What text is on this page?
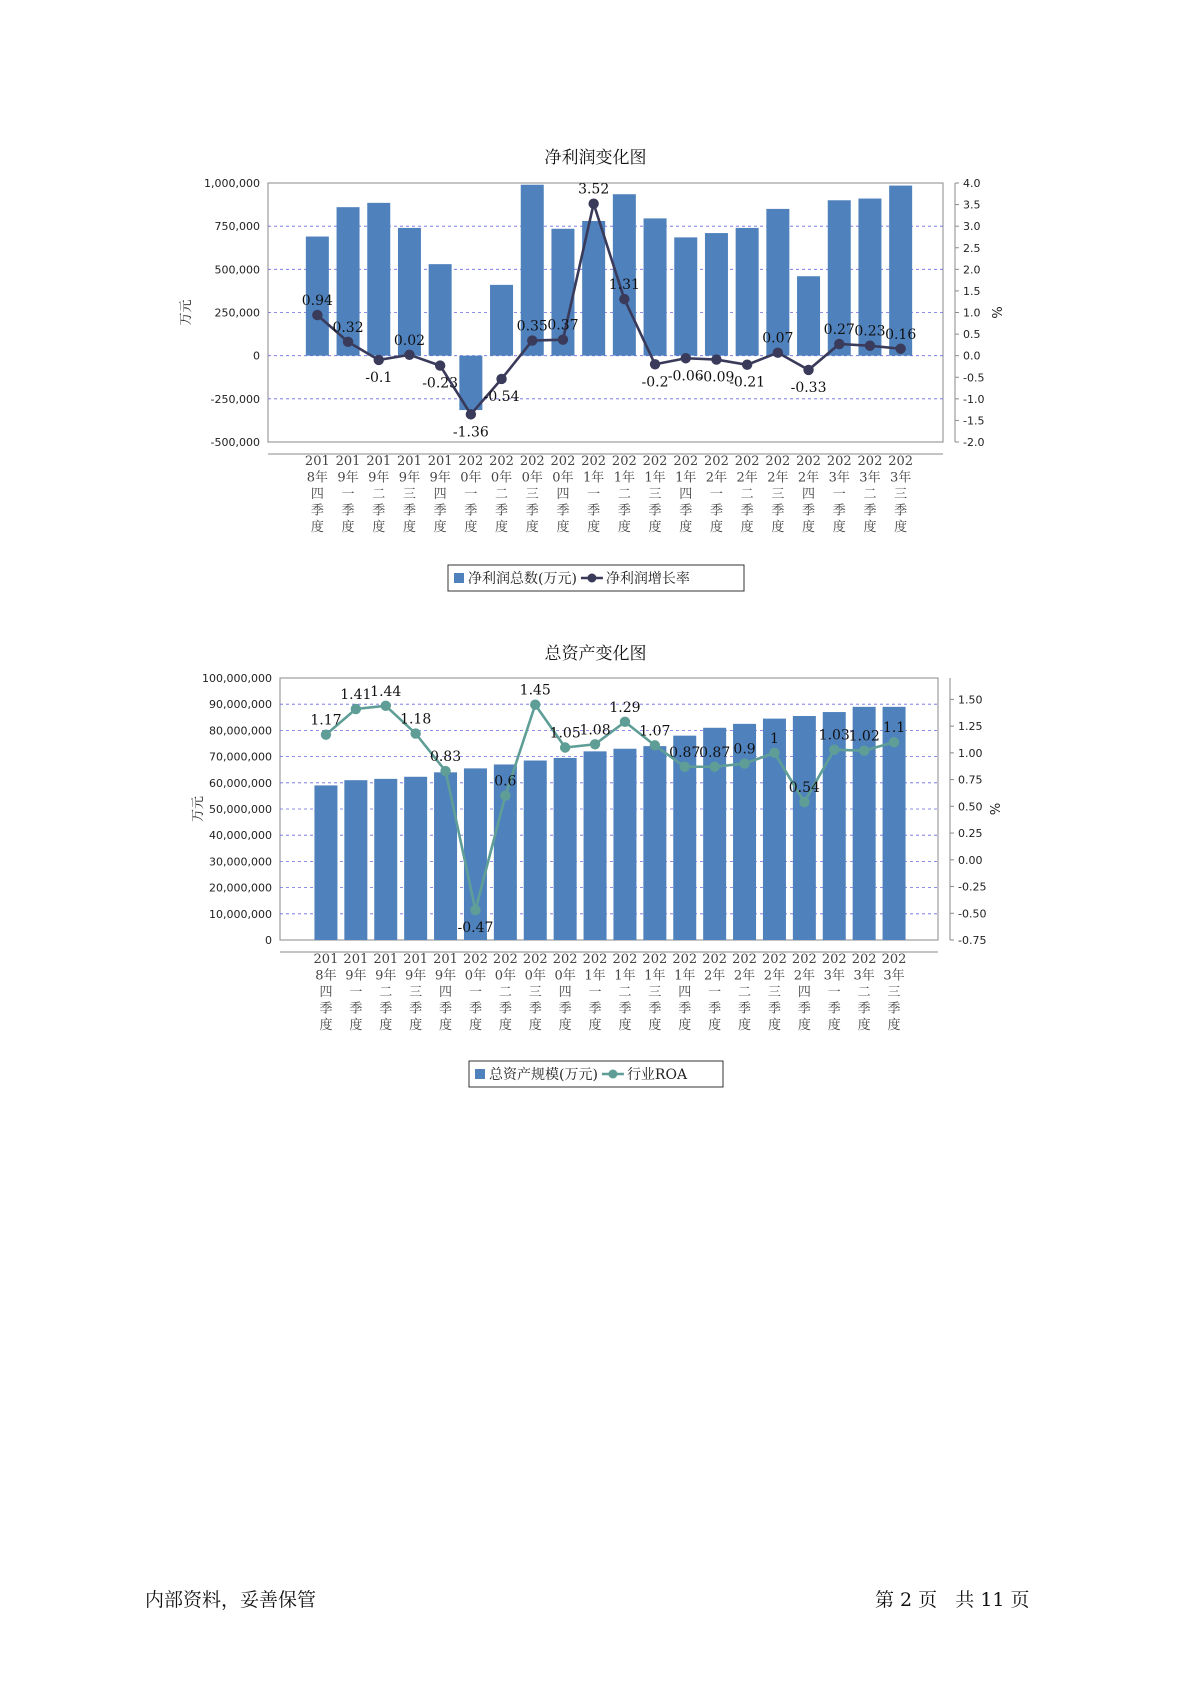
净利润变化图
1,000,000
750,000
500,000
250,000
0
-250,000
-500,000
4.0
3.5
3.0
2.5
2.0
1.5
1.0
0.5
0.0
-0.5
-1.0
-1.5
-2.0
万元	%
0.94
0.32
-0.1
0.02
-0.23
-1.36
-0.54
0.35 0.37
3.52
1.31
-0.2 -0.06
-0.09
-0.21
0.07
-0.33
0.27 0.23 0.16
201
8年
四
季
度
201
9年
一
季
度
201
9年
二
季
度
201
9年
三
季
度
201
9年
四
季
度
202
0年
一
季
度
202
0年
二
季
度
202
0年
三
季
度
202
0年
四
季
度
202
1年
一
季
度
202
1年
二
季
度
202
1年
三
季
度
202
1年
四
季
度
202
2年
一
季
度
202
2年
二
季
度
202
2年
三
季
度
202
2年
四
季
度
202
3年
一
季
度
202
3年
二
季
度
202
3年
三
季
度
净利润总数(万元) 净利润增长率
总资产变化图
100,000,000
90,000,000
80,000,000
70,000,000
60,000,000
50,000,000
40,000,000
30,000,000
20,000,000
10,000,000
0
1.50
1.25
1.00
0.75
0.50
0.25
0.00
-0.25
-0.50
-0.75
万元	%
1.17
1.41
1.44
1.18
0.83
-0.47
0.6
1.45
1.05
1.08
1.29
1.07
0.87
0.87 0.9
1
0.54
1.03
1.02
1.1
201
8年
四
季
度
201
9年
一
季
度
201
9年
二
季
度
201
9年
三
季
度
201
9年
四
季
度
202
0年
一
季
度
202
0年
二
季
度
202
0年
三
季
度
202
0年
四
季
度
202
1年
一
季
度
202
1年
二
季
度
202
1年
三
季
度
202
1年
四
季
度
202
2年
一
季
度
202
2年
二
季
度
202
2年
三
季
度
202
2年
四
季
度
202
3年
一
季
度
202
3年
二
季
度
202
3年
三
季
度
总资产规模(万元) 行业ROA
内部资料，妥善保管	第 2 页   共 11 页
